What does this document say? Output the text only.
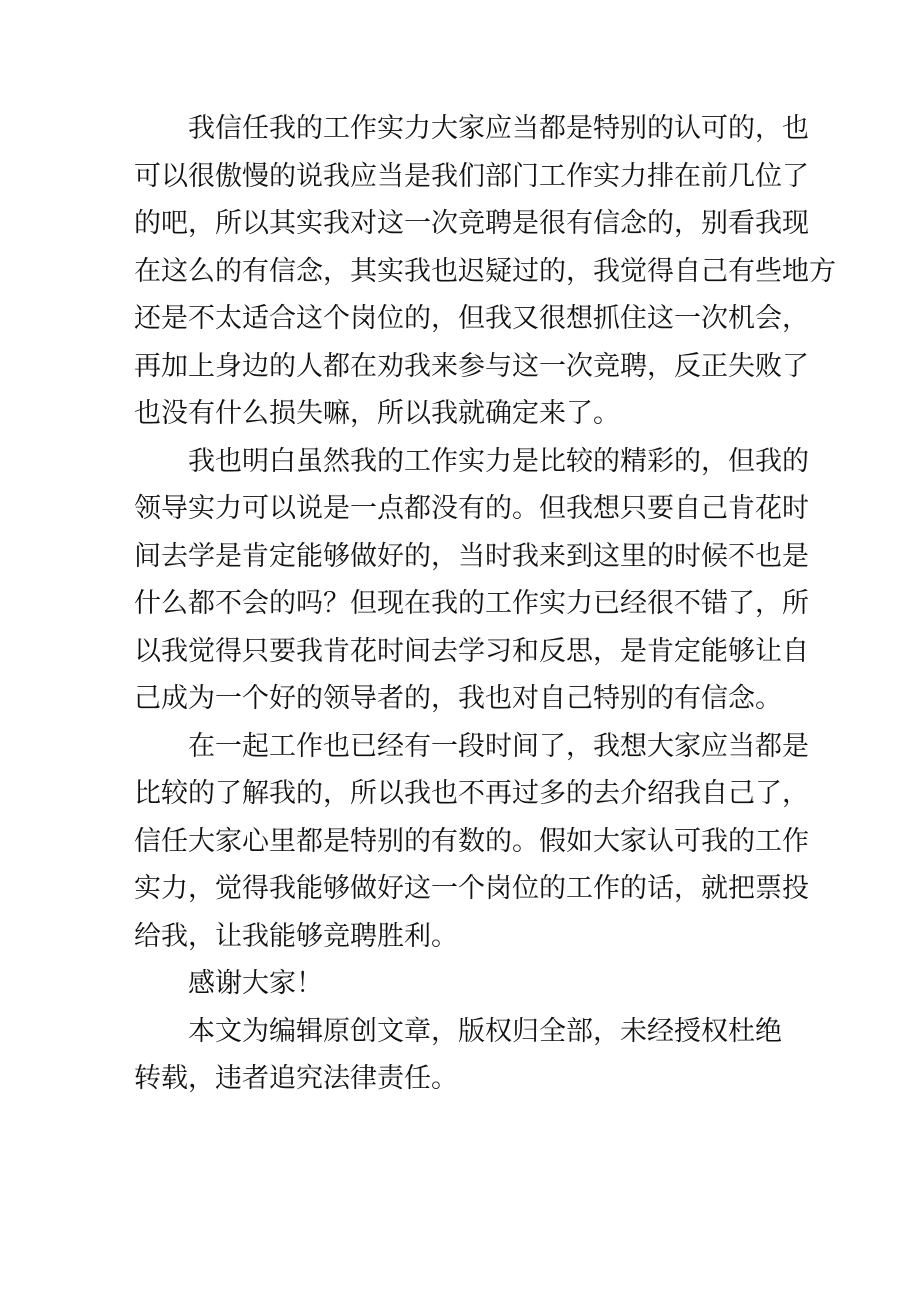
我信任我的工作实力大家应当都是特别的认可的，也
可以很傲慢的说我应当是我们部门工作实力排在前几位了
的吧，所以其实我对这一次竞聘是很有信念的，别看我现
在这么的有信念，其实我也迟疑过的，我觉得自己有些地方
还是不太适合这个岗位的，但我又很想抓住这一次机会，
再加上身边的人都在劝我来参与这一次竞聘，反正失败了
也没有什么损失嘛，所以我就确定来了。

我也明白虽然我的工作实力是比较的精彩的，但我的
领导实力可以说是一点都没有的。但我想只要自己肯花时
间去学是肯定能够做好的，当时我来到这里的时候不也是
什么都不会的吗？但现在我的工作实力已经很不错了，所
以我觉得只要我肯花时间去学习和反思，是肯定能够让自
己成为一个好的领导者的，我也对自己特别的有信念。

在一起工作也已经有一段时间了，我想大家应当都是
比较的了解我的，所以我也不再过多的去介绍我自己了，
信任大家心里都是特别的有数的。假如大家认可我的工作
实力，觉得我能够做好这一个岗位的工作的话，就把票投
给我，让我能够竞聘胜利。

感谢大家！

本文为编辑原创文章，版权归全部，未经授权杜绝
转载，违者追究法律责任。
